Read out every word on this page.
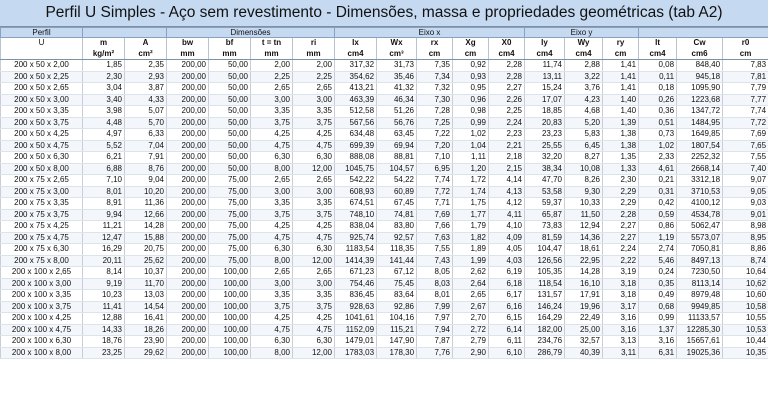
Perfil U Simples - Aço sem revestimento - Dimensões, massa e propriedades geométricas (tab A2)
Perfil			Dimensões				Eixo x					Eixo y					
U	m	A	bw	bf	t = tn	ri	Ix	Wx	rx	Xg	X0	Iy	Wy	ry	It	Cw	r0
	kg/m²	cm²	mm	mm	mm	mm	cm4	cm³	cm	cm	cm4	cm4	cm4	cm	cm4	cm6	cm
200 x 50 x 2,00	1,85	2,35	200,00	50,00	2,00	2,00	317,32	31,73	7,35	0,92	2,28	11,74	2,88	1,41	0,08	848,40	7,83
200 x 50 x 2,25	2,30	2,93	200,00	50,00	2,25	2,25	354,62	35,46	7,34	0,93	2,28	13,11	3,22	1,41	0,11	945,18	7,81
200 x 50 x 2,65	3,04	3,87	200,00	50,00	2,65	2,65	413,21	41,32	7,32	0,95	2,27	15,24	3,76	1,41	0,18	1095,90	7,79
200 x 50 x 3,00	3,40	4,33	200,00	50,00	3,00	3,00	463,39	46,34	7,30	0,96	2,26	17,07	4,23	1,40	0,26	1223,68	7,77
200 x 50 x 3,35	3,98	5,07	200,00	50,00	3,35	3,35	512,58	51,26	7,28	0,98	2,25	18,85	4,68	1,40	0,36	1347,72	7,74
200 x 50 x 3,75	4,48	5,70	200,00	50,00	3,75	3,75	567,56	56,76	7,25	0,99	2,24	20,83	5,20	1,39	0,51	1484,95	7,72
200 x 50 x 4,25	4,97	6,33	200,00	50,00	4,25	4,25	634,48	63,45	7,22	1,02	2,23	23,23	5,83	1,38	0,73	1649,85	7,69
200 x 50 x 4,75	5,52	7,04	200,00	50,00	4,75	4,75	699,39	69,94	7,20	1,04	2,21	25,55	6,45	1,38	1,02	1807,54	7,65
200 x 50 x 6,30	6,21	7,91	200,00	50,00	6,30	6,30	888,08	88,81	7,10	1,11	2,18	32,20	8,27	1,35	2,33	2252,32	7,55
200 x 50 x 8,00	6,88	8,76	200,00	50,00	8,00	12,00	1045,75	104,57	6,95	1,20	2,15	38,34	10,08	1,33	4,61	2668,14	7,40
200 x 75 x 2,65	7,10	9,04	200,00	75,00	2,65	2,65	542,22	54,22	7,74	1,72	4,14	47,70	8,26	2,30	0,21	3312,18	9,07
200 x 75 x 3,00	8,01	10,20	200,00	75,00	3,00	3,00	608,93	60,89	7,72	1,74	4,13	53,58	9,30	2,29	0,31	3710,53	9,05
200 x 75 x 3,35	8,91	11,36	200,00	75,00	3,35	3,35	674,51	67,45	7,71	1,75	4,12	59,37	10,33	2,29	0,42	4100,12	9,03
200 x 75 x 3,75	9,94	12,66	200,00	75,00	3,75	3,75	748,10	74,81	7,69	1,77	4,11	65,87	11,50	2,28	0,59	4534,78	9,01
200 x 75 x 4,25	11,21	14,28	200,00	75,00	4,25	4,25	838,04	83,80	7,66	1,79	4,10	73,83	12,94	2,27	0,86	5062,47	8,98
200 x 75 x 4,75	12,47	15,88	200,00	75,00	4,75	4,75	925,74	92,57	7,63	1,82	4,09	81,59	14,36	2,27	1,19	5573,07	8,95
200 x 75 x 6,30	16,29	20,75	200,00	75,00	6,30	6,30	1183,54	118,35	7,55	1,89	4,05	104,47	18,61	2,24	2,74	7050,81	8,86
200 x 75 x 8,00	20,11	25,62	200,00	75,00	8,00	12,00	1414,39	141,44	7,43	1,99	4,03	126,56	22,95	2,22	5,46	8497,13	8,74
200 x 100 x 2,65	8,14	10,37	200,00	100,00	2,65	2,65	671,23	67,12	8,05	2,62	6,19	105,35	14,28	3,19	0,24	7230,50	10,64
200 x 100 x 3,00	9,19	11,70	200,00	100,00	3,00	3,00	754,46	75,45	8,03	2,64	6,18	118,54	16,10	3,18	0,35	8113,14	10,62
200 x 100 x 3,35	10,23	13,03	200,00	100,00	3,35	3,35	836,45	83,64	8,01	2,65	6,17	131,57	17,91	3,18	0,49	8979,48	10,60
200 x 100 x 3,75	11,41	14,54	200,00	100,00	3,75	3,75	928,63	92,86	7,99	2,67	6,16	146,24	19,96	3,17	0,68	9949,85	10,58
200 x 100 x 4,25	12,88	16,41	200,00	100,00	4,25	4,25	1041,61	104,16	7,97	2,70	6,15	164,29	22,49	3,16	0,99	11133,57	10,55
200 x 100 x 4,75	14,33	18,26	200,00	100,00	4,75	4,75	1152,09	115,21	7,94	2,72	6,14	182,00	25,00	3,16	1,37	12285,30	10,53
200 x 100 x 6,30	18,76	23,90	200,00	100,00	6,30	6,30	1479,01	147,90	7,87	2,79	6,11	234,76	32,57	3,13	3,16	15657,61	10,44
200 x 100 x 8,00	23,25	29,62	200,00	100,00	8,00	12,00	1783,03	178,30	7,76	2,90	6,10	286,79	40,39	3,11	6,31	19025,36	10,35
